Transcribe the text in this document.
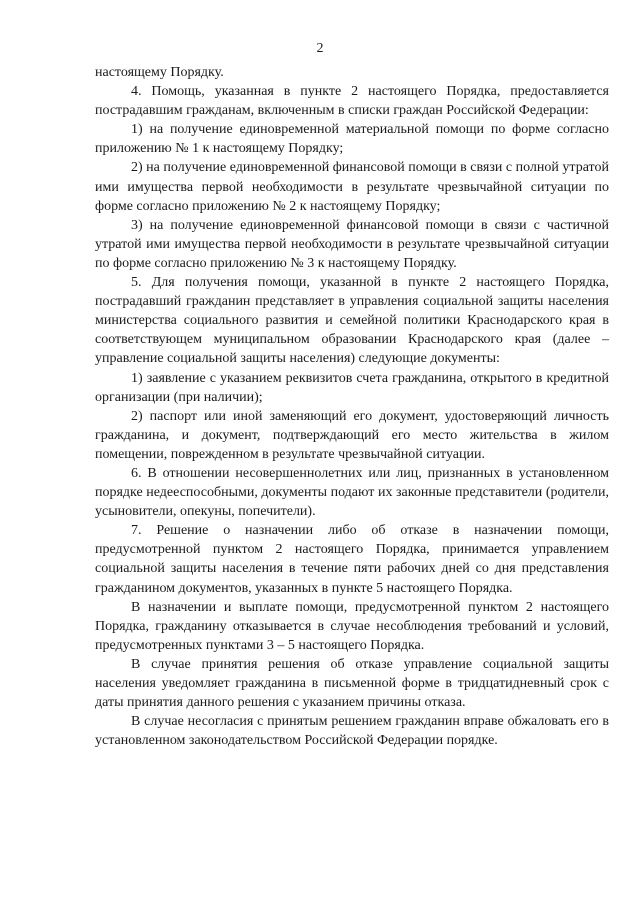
2

настоящему Порядку.

4. Помощь, указанная в пункте 2 настоящего Порядка, предоставляется пострадавшим гражданам, включенным в списки граждан Российской Федерации:

1) на получение единовременной материальной помощи по форме согласно приложению № 1 к настоящему Порядку;

2) на получение единовременной финансовой помощи в связи с полной утратой ими имущества первой необходимости в результате чрезвычайной ситуации по форме согласно приложению № 2 к настоящему Порядку;

3) на получение единовременной финансовой помощи в связи с частичной утратой ими имущества первой необходимости в результате чрезвычайной ситуации по форме согласно приложению № 3 к настоящему Порядку.

5. Для получения помощи, указанной в пункте 2 настоящего Порядка, пострадавший гражданин представляет в управления социальной защиты населения министерства социального развития и семейной политики Краснодарского края в соответствующем муниципальном образовании Краснодарского края (далее – управление социальной защиты населения) следующие документы:

1) заявление с указанием реквизитов счета гражданина, открытого в кредитной организации (при наличии);

2) паспорт или иной заменяющий его документ, удостоверяющий личность гражданина, и документ, подтверждающий его место жительства в жилом помещении, поврежденном в результате чрезвычайной ситуации.

6. В отношении несовершеннолетних или лиц, признанных в установленном порядке недееспособными, документы подают их законные представители (родители, усыновители, опекуны, попечители).

7. Решение о назначении либо об отказе в назначении помощи, предусмотренной пунктом 2 настоящего Порядка, принимается управлением социальной защиты населения в течение пяти рабочих дней со дня представления гражданином документов, указанных в пункте 5 настоящего Порядка.

В назначении и выплате помощи, предусмотренной пунктом 2 настоящего Порядка, гражданину отказывается в случае несоблюдения требований и условий, предусмотренных пунктами 3 – 5 настоящего Порядка.

В случае принятия решения об отказе управление социальной защиты населения уведомляет гражданина в письменной форме в тридцатидневный срок с даты принятия данного решения с указанием причины отказа.

В случае несогласия с принятым решением гражданин вправе обжаловать его в установленном законодательством Российской Федерации порядке.
